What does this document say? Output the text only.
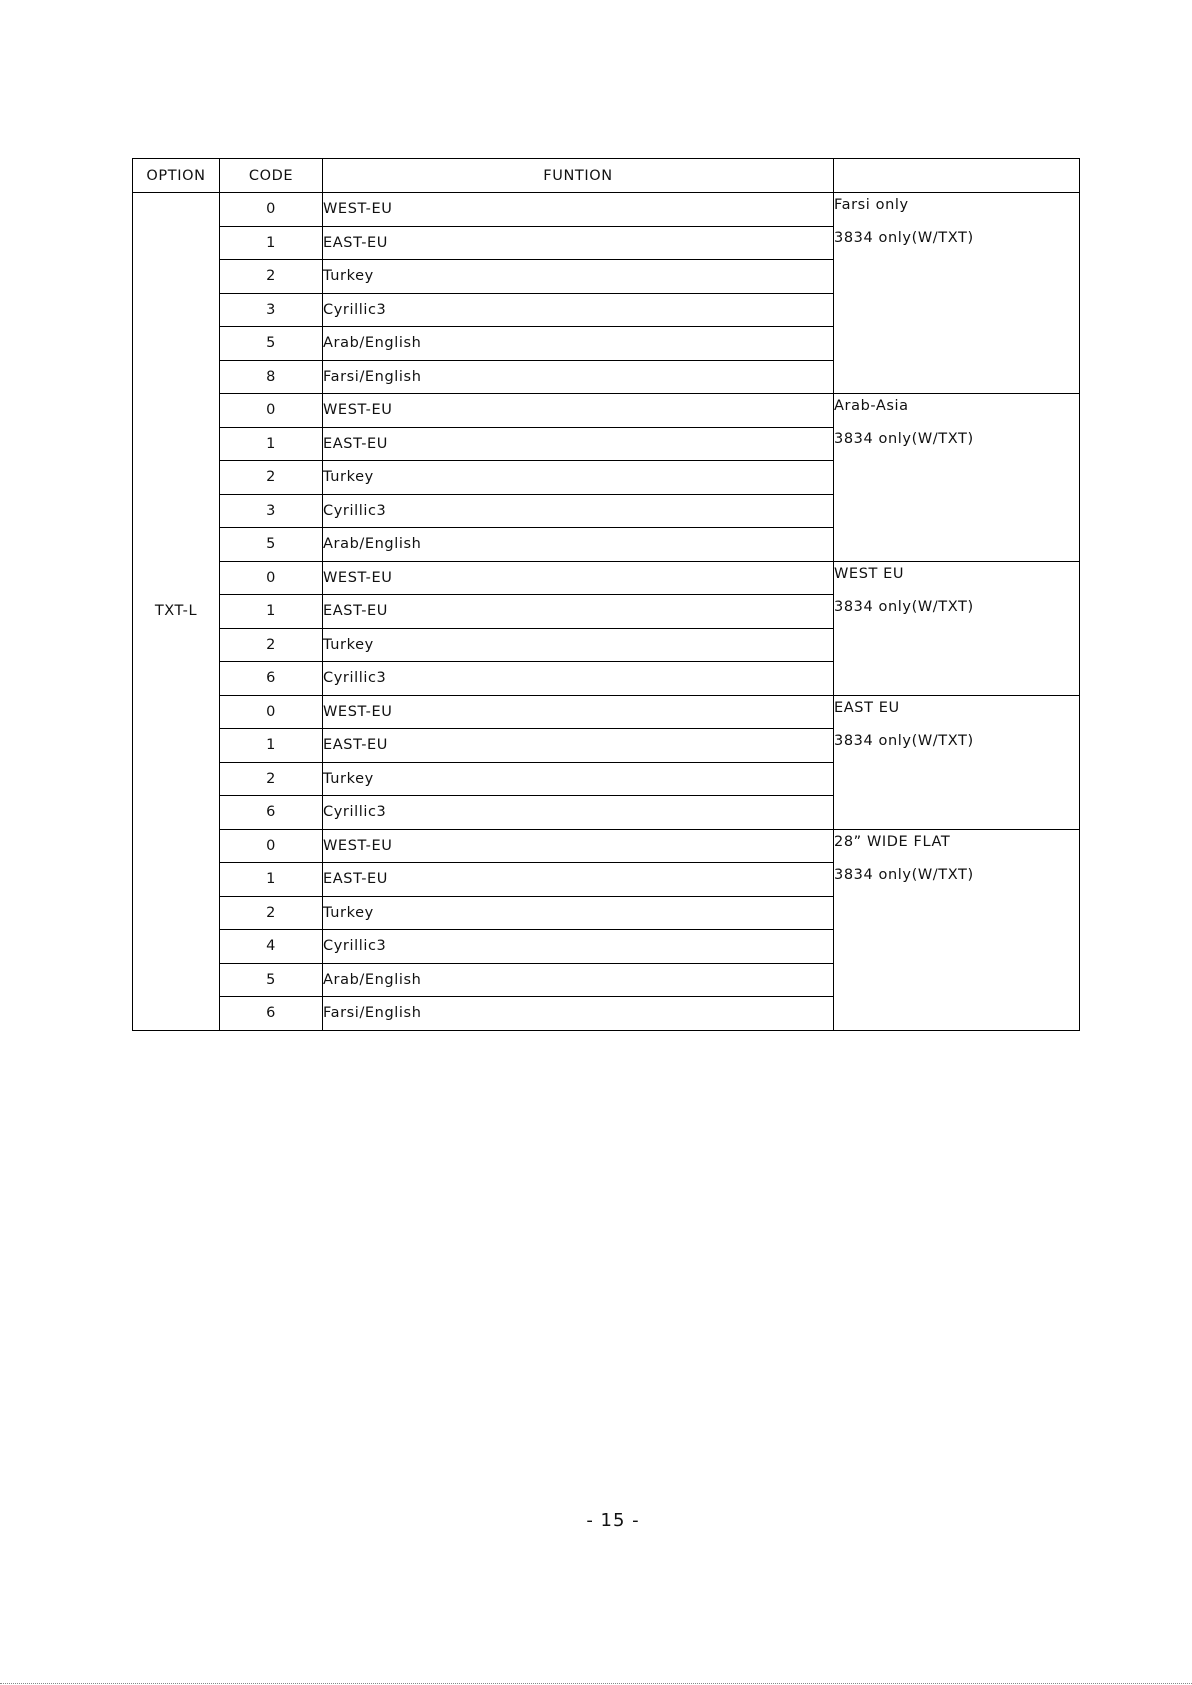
OPTION	CODE	FUNTION	
TXT-L	0	WEST-EU	Farsi only
3834 only(W/TXT)

	1	EAST-EU	
	2	Turkey	
	3	Cyrillic3	
	5	Arab/English	
	8	Farsi/English	
	0	WEST-EU	Arab-Asia
3834 only(W/TXT)

	1	EAST-EU	
	2	Turkey	
	3	Cyrillic3	
	5	Arab/English	
	0	WEST-EU	WEST EU
3834 only(W/TXT)

	1	EAST-EU	
	2	Turkey	
	6	Cyrillic3	
	0	WEST-EU	EAST EU
3834 only(W/TXT)

	1	EAST-EU	
	2	Turkey	
	6	Cyrillic3	
	0	WEST-EU	28” WIDE FLAT
3834 only(W/TXT)

	1	EAST-EU	
	2	Turkey	
	4	Cyrillic3	
	5	Arab/English	
	6	Farsi/English	
- 15 -
